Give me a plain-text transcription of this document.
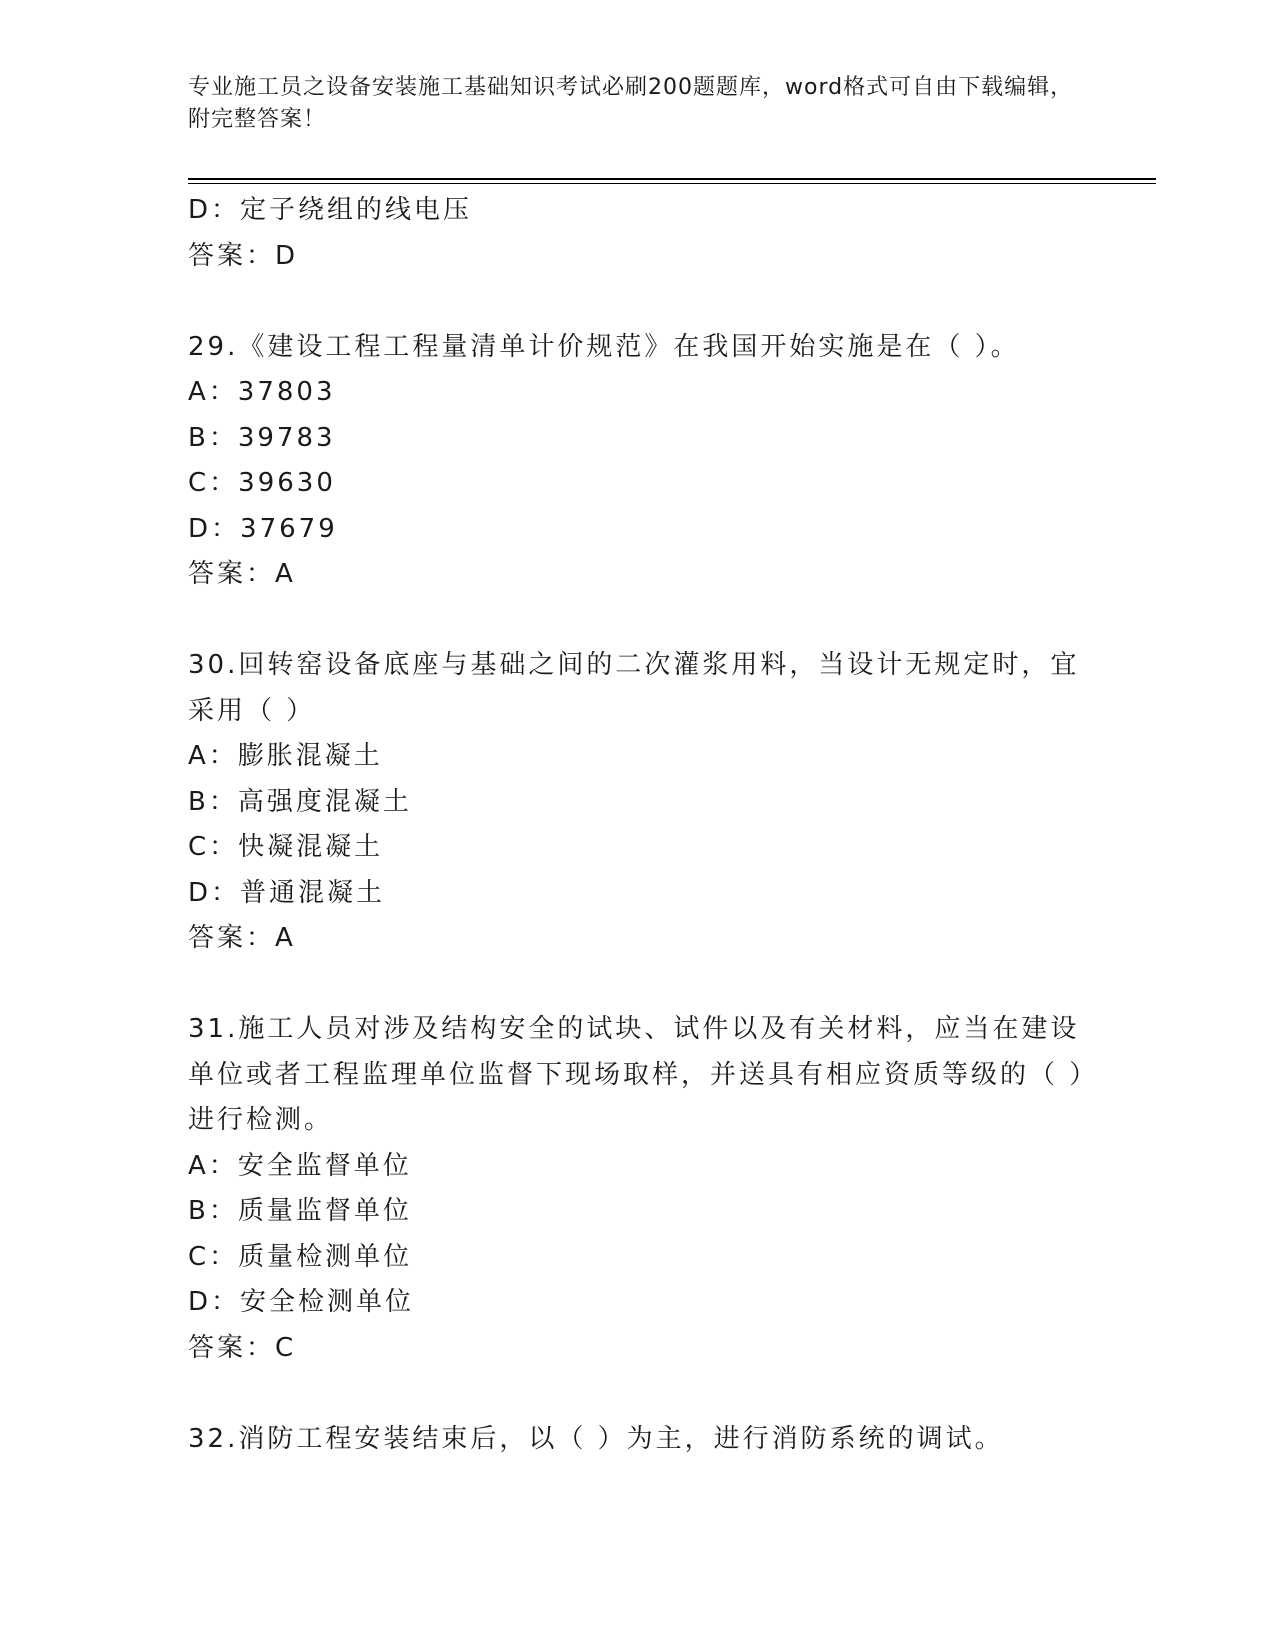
专业施工员之设备安装施工基础知识考试必刷200题题库，word格式可自由下载编辑，附完整答案！

D：定子绕组的线电压

答案：D

29.《建设工程工程量清单计价规范》在我国开始实施是在（ ）。

A：37803

B：39783

C：39630

D：37679

答案：A

30.回转窑设备底座与基础之间的二次灌浆用料，当设计无规定时，宜采用（ ）

A：膨胀混凝土

B：高强度混凝土

C：快凝混凝土

D：普通混凝土

答案：A

31.施工人员对涉及结构安全的试块、试件以及有关材料，应当在建设单位或者工程监理单位监督下现场取样，并送具有相应资质等级的（ ）进行检测。

A：安全监督单位

B：质量监督单位

C：质量检测单位

D：安全检测单位

答案：C

32.消防工程安装结束后，以（ ）为主，进行消防系统的调试。
